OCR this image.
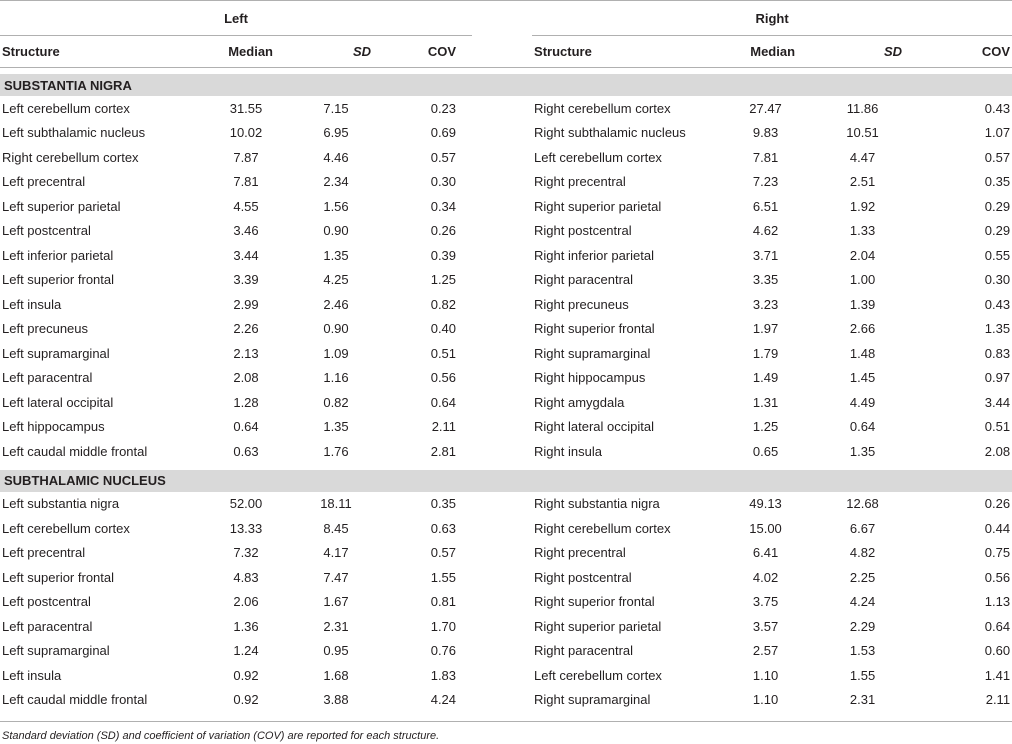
Left					Right			
Structure	Median	SD	COV		Structure	Median	SD	COV

SUBSTANTIA NIGRA								
Left cerebellum cortex	31.55	7.15	0.23		Right cerebellum cortex	27.47	11.86	0.43
Left subthalamic nucleus	10.02	6.95	0.69		Right subthalamic nucleus	9.83	10.51	1.07
Right cerebellum cortex	7.87	4.46	0.57		Left cerebellum cortex	7.81	4.47	0.57
Left precentral	7.81	2.34	0.30		Right precentral	7.23	2.51	0.35
Left superior parietal	4.55	1.56	0.34		Right superior parietal	6.51	1.92	0.29
Left postcentral	3.46	0.90	0.26		Right postcentral	4.62	1.33	0.29
Left inferior parietal	3.44	1.35	0.39		Right inferior parietal	3.71	2.04	0.55
Left superior frontal	3.39	4.25	1.25		Right paracentral	3.35	1.00	0.30
Left insula	2.99	2.46	0.82		Right precuneus	3.23	1.39	0.43
Left precuneus	2.26	0.90	0.40		Right superior frontal	1.97	2.66	1.35
Left supramarginal	2.13	1.09	0.51		Right supramarginal	1.79	1.48	0.83
Left paracentral	2.08	1.16	0.56		Right hippocampus	1.49	1.45	0.97
Left lateral occipital	1.28	0.82	0.64		Right amygdala	1.31	4.49	3.44
Left hippocampus	0.64	1.35	2.11		Right lateral occipital	1.25	0.64	0.51
Left caudal middle frontal	0.63	1.76	2.81		Right insula	0.65	1.35	2.08

SUBTHALAMIC NUCLEUS								
Left substantia nigra	52.00	18.11	0.35		Right substantia nigra	49.13	12.68	0.26
Left cerebellum cortex	13.33	8.45	0.63		Right cerebellum cortex	15.00	6.67	0.44
Left precentral	7.32	4.17	0.57		Right precentral	6.41	4.82	0.75
Left superior frontal	4.83	7.47	1.55		Right postcentral	4.02	2.25	0.56
Left postcentral	2.06	1.67	0.81		Right superior frontal	3.75	4.24	1.13
Left paracentral	1.36	2.31	1.70		Right superior parietal	3.57	2.29	0.64
Left supramarginal	1.24	0.95	0.76		Right paracentral	2.57	1.53	0.60
Left insula	0.92	1.68	1.83		Left cerebellum cortex	1.10	1.55	1.41
Left caudal middle frontal	0.92	3.88	4.24		Right supramarginal	1.10	2.31	2.11
Standard deviation (SD) and coefficient of variation (COV) are reported for each structure.
